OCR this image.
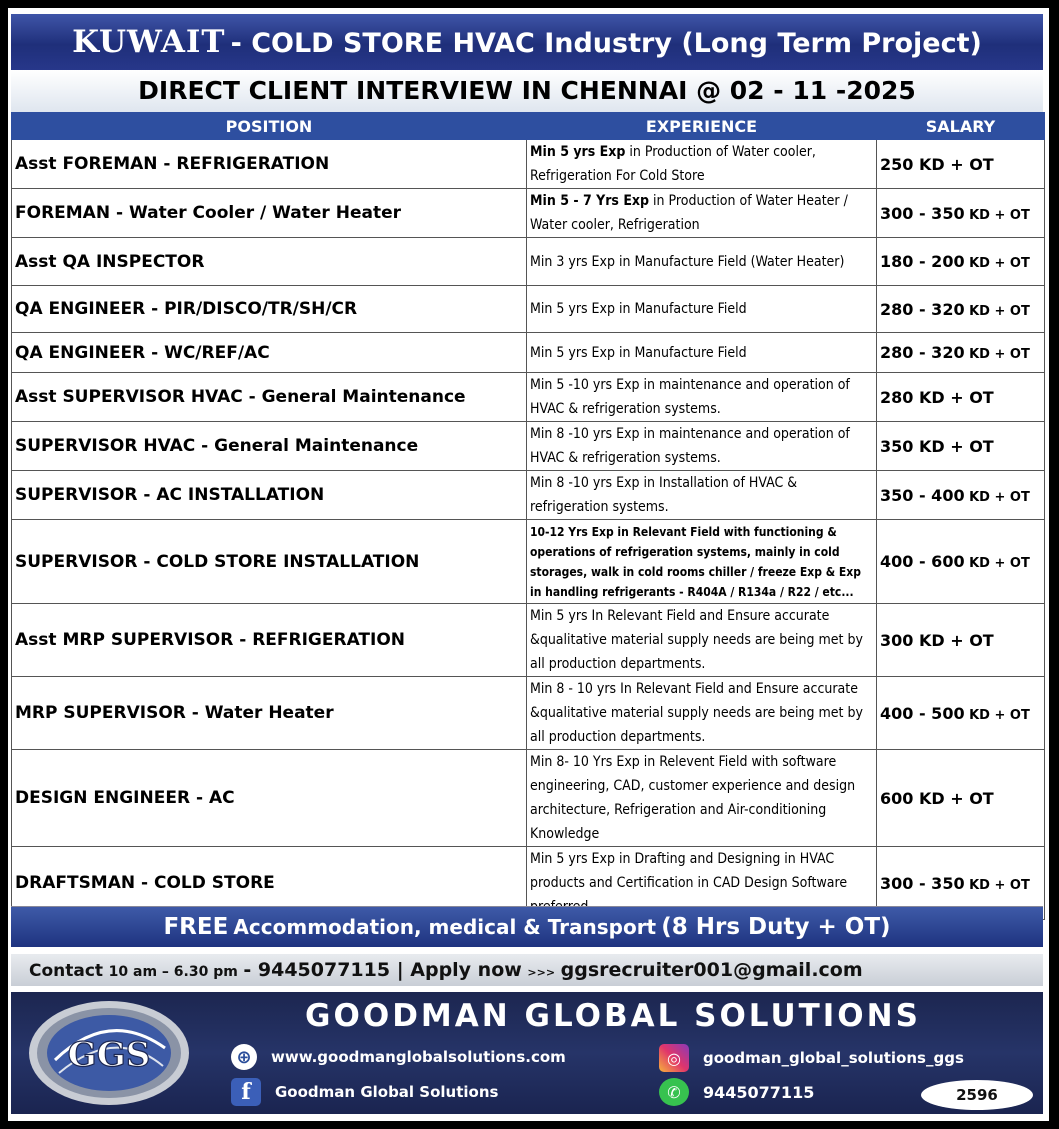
KUWAIT - COLD STORE HVAC Industry (Long Term Project)
DIRECT CLIENT INTERVIEW IN CHENNAI @ 02 - 11 -2025
POSITION	EXPERIENCE	SALARY
Asst FOREMAN - REFRIGERATION	Min 5 yrs Exp in Production of Water cooler, Refrigeration For Cold Store	250 KD + OT
FOREMAN - Water Cooler / Water Heater	Min 5 - 7 Yrs Exp in Production of Water Heater / Water cooler, Refrigeration	300 - 350 KD + OT
Asst QA INSPECTOR	Min 3 yrs Exp in Manufacture Field (Water Heater)	180 - 200 KD + OT
QA ENGINEER - PIR/DISCO/TR/SH/CR	Min 5 yrs Exp in Manufacture Field	280 - 320 KD + OT
QA ENGINEER - WC/REF/AC	Min 5 yrs Exp in Manufacture Field	280 - 320 KD + OT
Asst SUPERVISOR HVAC - General Maintenance	Min 5 -10 yrs Exp in maintenance and operation of HVAC & refrigeration systems.	280 KD + OT
SUPERVISOR HVAC - General Maintenance	Min 8 -10 yrs Exp in maintenance and operation of HVAC & refrigeration systems.	350 KD + OT
SUPERVISOR - AC INSTALLATION	Min 8 -10 yrs Exp in Installation of HVAC & refrigeration systems.	350 - 400 KD + OT
SUPERVISOR - COLD STORE INSTALLATION	10-12 Yrs Exp in Relevant Field with functioning & operations of refrigeration systems, mainly in cold storages, walk in cold rooms chiller / freeze Exp & Exp in handling refrigerants - R404A / R134a / R22 / etc...	400 - 600 KD + OT
Asst MRP SUPERVISOR - REFRIGERATION	Min 5 yrs In Relevant Field and Ensure accurate &qualitative material supply needs are being met by all production departments.	300 KD + OT
MRP SUPERVISOR - Water Heater	Min 8 - 10 yrs In Relevant Field and Ensure accurate &qualitative material supply needs are being met by all production departments.	400 - 500 KD + OT
DESIGN ENGINEER - AC	Min 8- 10 Yrs Exp in Relevent Field with software engineering, CAD, customer experience and design architecture, Refrigeration and Air-conditioning Knowledge	600 KD + OT
DRAFTSMAN - COLD STORE	Min 5 yrs Exp in Drafting and Designing in HVAC products and Certification in CAD Design Software	300 - 350 KD + OT
FREE Accommodation, medical & Transport (8 Hrs Duty + OT)
Contact 10 am – 6.30 pm - 9445077115 | Apply now >>> ggsrecruiter001@gmail.com
GGS
GOODMAN GLOBAL SOLUTIONS
⊕	www.goodmanglobalsolutions.com
f	Goodman Global Solutions
◎	goodman_global_solutions_ggs
✆	9445077115	2596
